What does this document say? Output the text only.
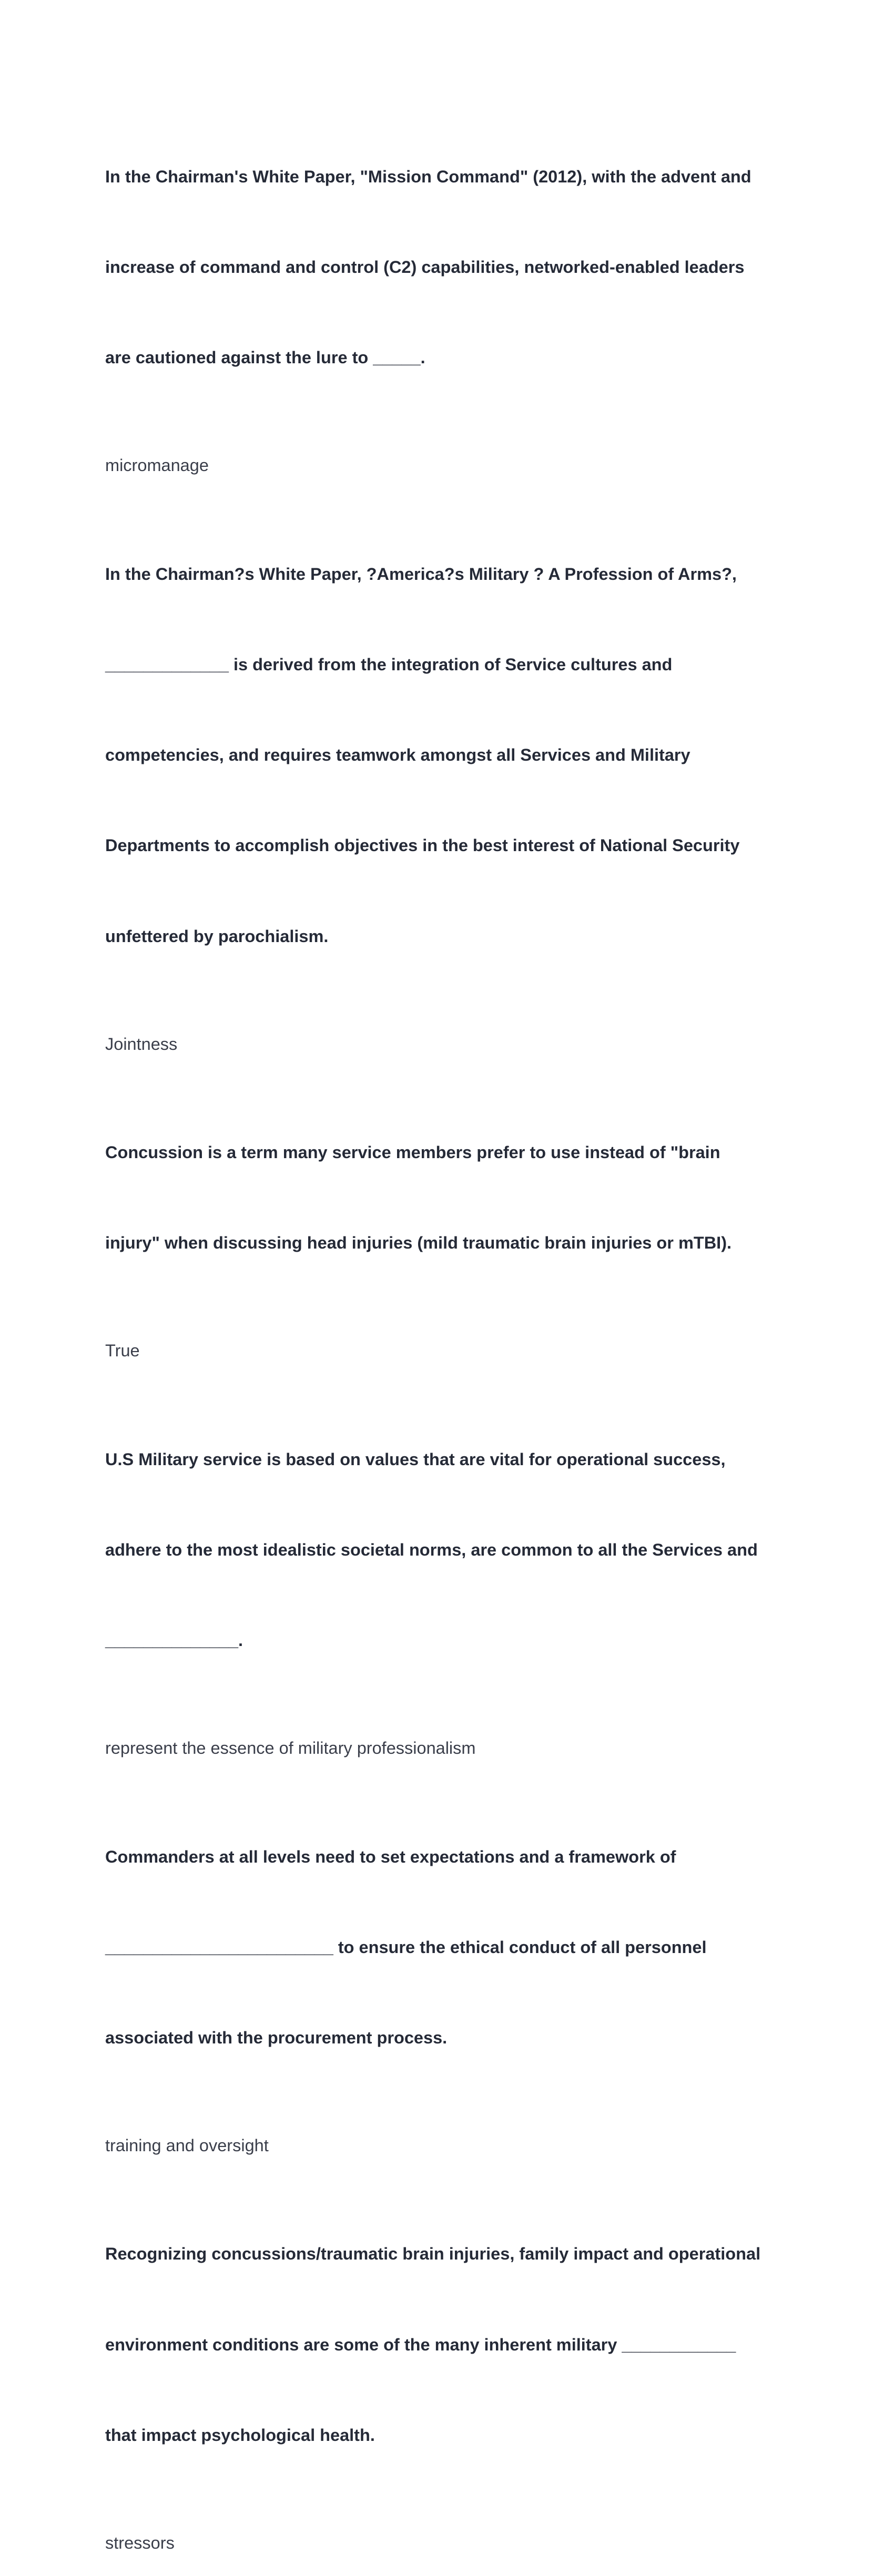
In the Chairman's White Paper, "Mission Command" (2012), with the advent and

increase of command and control (C2) capabilities, networked-enabled leaders

are cautioned against the lure to _____.

micromanage

In the Chairman?s White Paper, ?America?s Military ? A Profession of Arms?,

_____________ is derived from the integration of Service cultures and

competencies, and requires teamwork amongst all Services and Military

Departments to accomplish objectives in the best interest of National Security

unfettered by parochialism.

Jointness

Concussion is a term many service members prefer to use instead of "brain

injury" when discussing head injuries (mild traumatic brain injuries or mTBI).

True

U.S Military service is based on values that are vital for operational success,

adhere to the most idealistic societal norms, are common to all the Services and

______________.

represent the essence of military professionalism

Commanders at all levels need to set expectations and a framework of

________________________ to ensure the ethical conduct of all personnel

associated with the procurement process.

training and oversight

Recognizing concussions/traumatic brain injuries, family impact and operational

environment conditions are some of the many inherent military ____________

that impact psychological health.

stressors
